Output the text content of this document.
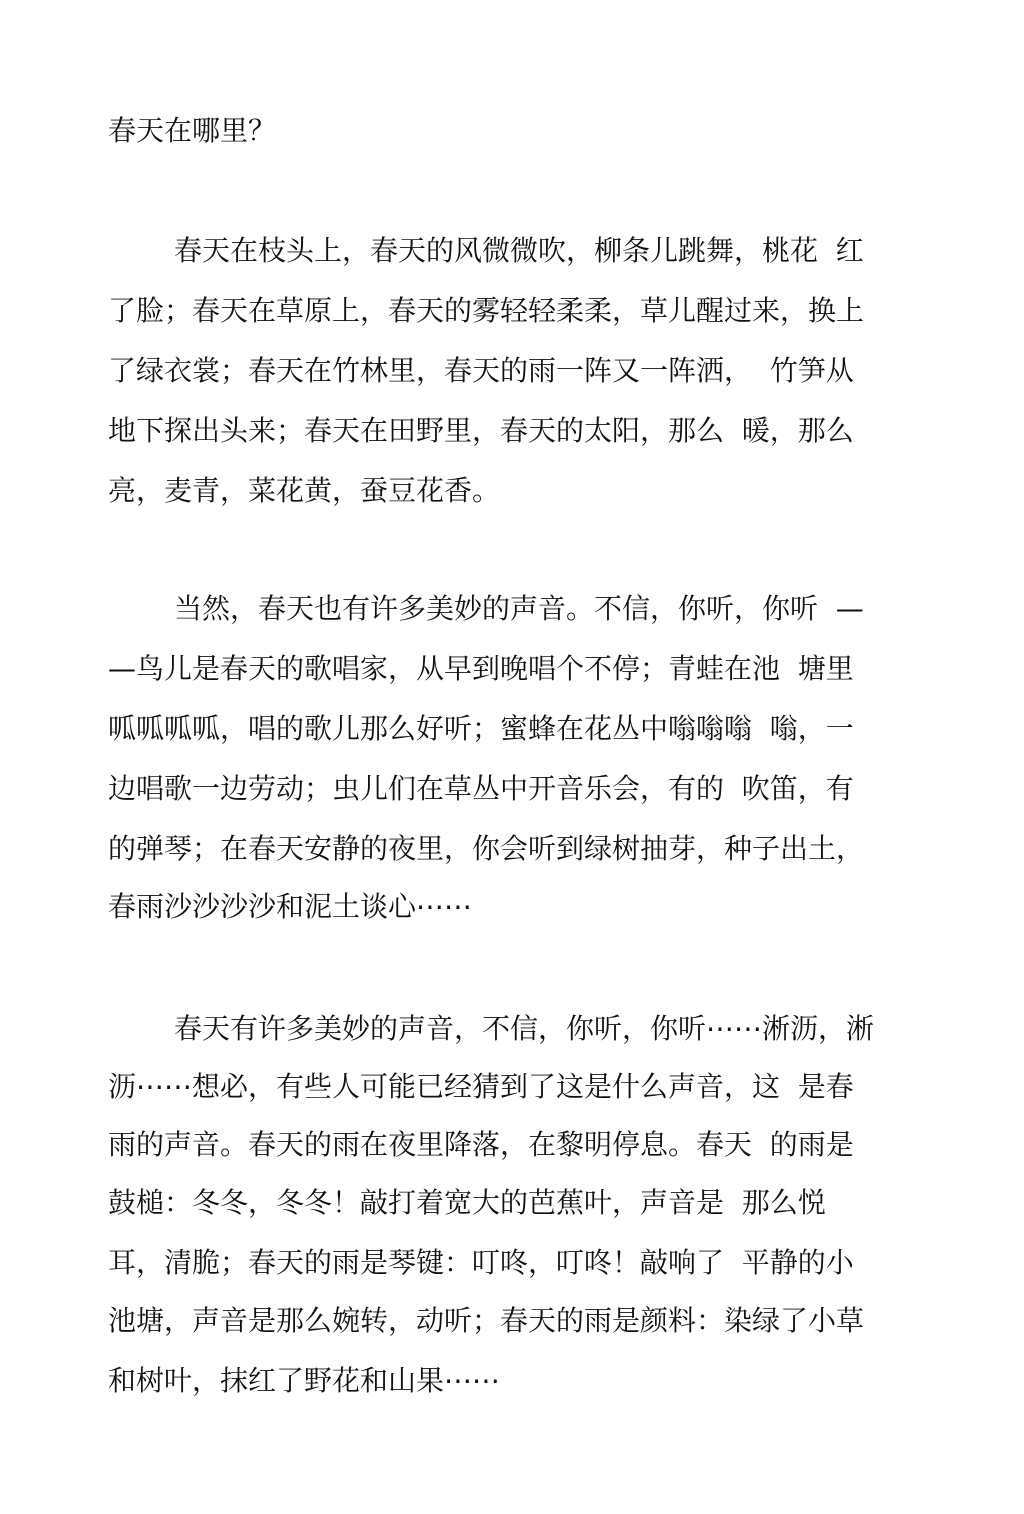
春天在哪里？

春天在枝头上，春天的风微微吹，柳条儿跳舞，桃花  红

了脸；春天在草原上，春天的雾轻轻柔柔，草儿醒过来，换上

了绿衣裳；春天在竹林里，春天的雨一阵又一阵洒，  竹笋从

地下探出头来；春天在田野里，春天的太阳，那么  暖，那么

亮，麦青，菜花黄，蚕豆花香。

当然，春天也有许多美妙的声音。不信，你听，你听  —

—鸟儿是春天的歌唱家，从早到晚唱个不停；青蛙在池  塘里

呱呱呱呱，唱的歌儿那么好听；蜜蜂在花丛中嗡嗡嗡  嗡，一

边唱歌一边劳动；虫儿们在草丛中开音乐会，有的  吹笛，有

的弹琴；在春天安静的夜里，你会听到绿树抽芽，种子出土，

春雨沙沙沙沙和泥土谈心⋯⋯

春天有许多美妙的声音，不信，你听，你听⋯⋯淅沥，淅

沥⋯⋯想必，有些人可能已经猜到了这是什么声音，这  是春

雨的声音。春天的雨在夜里降落，在黎明停息。春天  的雨是

鼓槌：冬冬，冬冬！敲打着宽大的芭蕉叶，声音是  那么悦

耳，清脆；春天的雨是琴键：叮咚，叮咚！敲响了  平静的小

池塘，声音是那么婉转，动听；春天的雨是颜料：染绿了小草

和树叶，抹红了野花和山果⋯⋯
